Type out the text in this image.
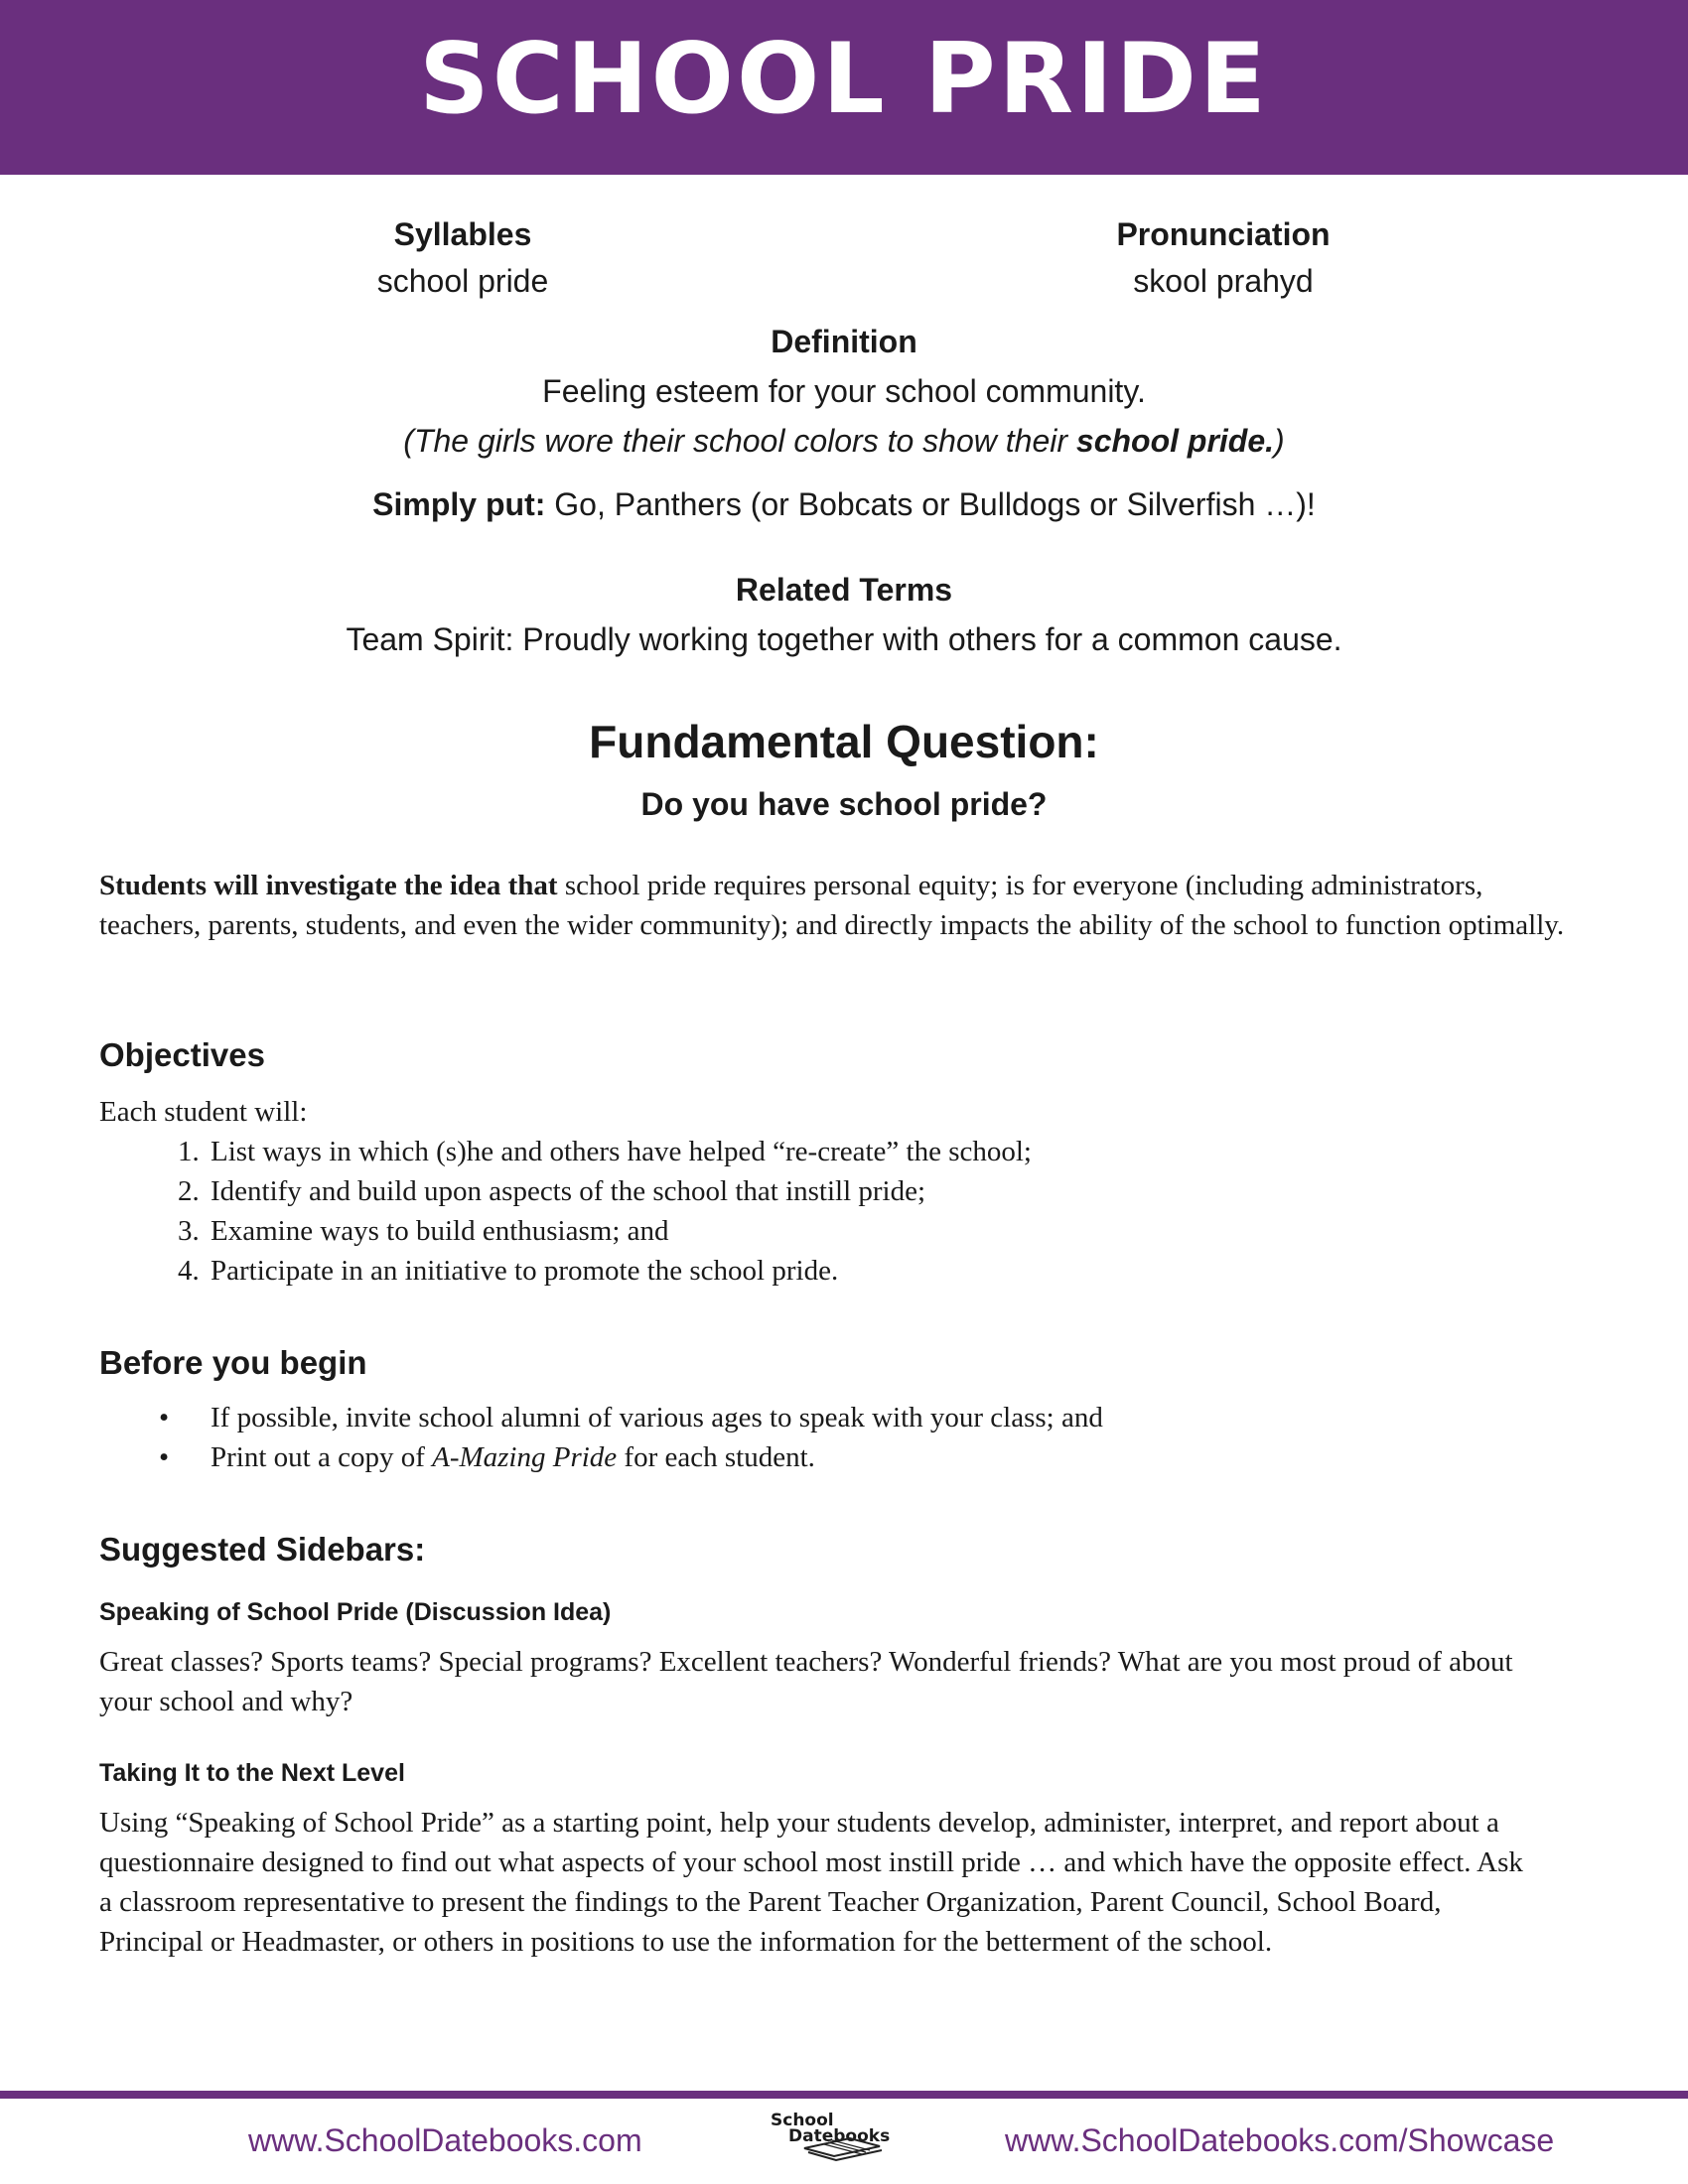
SCHOOL PRIDE
Syllables
school pride
Pronunciation
skool prahyd
Definition
Feeling esteem for your school community.
(The girls wore their school colors to show their school pride.)
Simply put: Go, Panthers (or Bobcats or Bulldogs or Silverfish …)!
Related Terms
Team Spirit: Proudly working together with others for a common cause.
Fundamental Question:
Do you have school pride?
Students will investigate the idea that school pride requires personal equity; is for everyone (including administrators, teachers, parents, students, and even the wider community); and directly impacts the ability of the school to function optimally.
Objectives
Each student will:
1. List ways in which (s)he and others have helped “re-create” the school;
2. Identify and build upon aspects of the school that instill pride;
3. Examine ways to build enthusiasm; and
4. Participate in an initiative to promote the school pride.
Before you begin
• If possible, invite school alumni of various ages to speak with your class; and
• Print out a copy of A-Mazing Pride for each student.
Suggested Sidebars:
Speaking of School Pride (Discussion Idea)
Great classes? Sports teams? Special programs? Excellent teachers? Wonderful friends? What are you most proud of about your school and why?
Taking It to the Next Level
Using “Speaking of School Pride” as a starting point, help your students develop, administer, interpret, and report about a questionnaire designed to find out what aspects of your school most instill pride … and which have the opposite effect. Ask a classroom representative to present the findings to the Parent Teacher Organization, Parent Council, School Board, Principal or Headmaster, or others in positions to use the information for the betterment of the school.
www.SchoolDatebooks.com
School
Datebooks	www.SchoolDatebooks.com/Showcase
